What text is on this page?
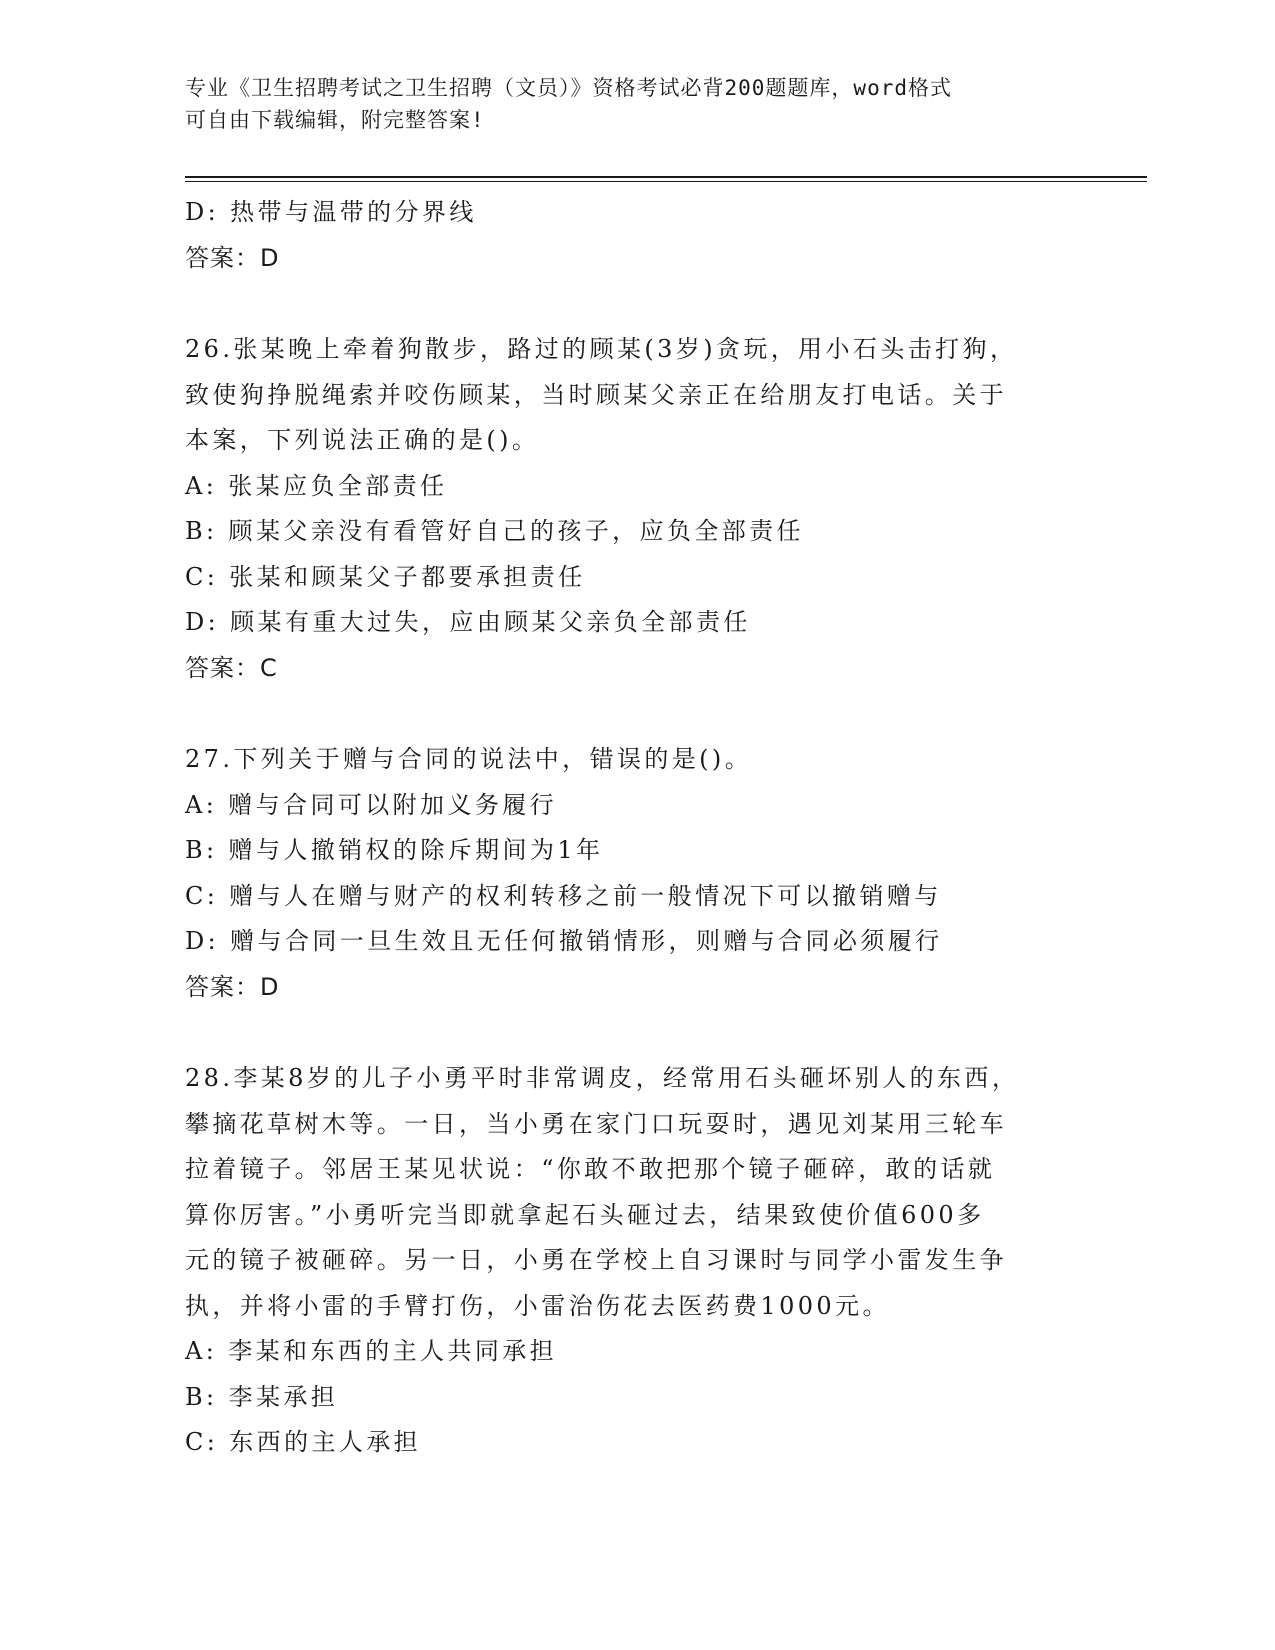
专业《卫生招聘考试之卫生招聘（文员）》资格考试必背200题题库，word格式
可自由下载编辑，附完整答案!
D: 热带与温带的分界线
答案：D
26.张某晚上牵着狗散步，路过的顾某(3岁)贪玩，用小石头击打狗，
致使狗挣脱绳索并咬伤顾某，当时顾某父亲正在给朋友打电话。关于
本案，下列说法正确的是()。
A: 张某应负全部责任
B: 顾某父亲没有看管好自己的孩子，应负全部责任
C: 张某和顾某父子都要承担责任
D: 顾某有重大过失，应由顾某父亲负全部责任
答案：C
27.下列关于赠与合同的说法中，错误的是()。
A: 赠与合同可以附加义务履行
B: 赠与人撤销权的除斥期间为1年
C: 赠与人在赠与财产的权利转移之前一般情况下可以撤销赠与
D: 赠与合同一旦生效且无任何撤销情形，则赠与合同必须履行
答案：D
28.李某8岁的儿子小勇平时非常调皮，经常用石头砸坏别人的东西，
攀摘花草树木等。一日，当小勇在家门口玩耍时，遇见刘某用三轮车
拉着镜子。邻居王某见状说：“你敢不敢把那个镜子砸碎，敢的话就
算你厉害。”小勇听完当即就拿起石头砸过去，结果致使价值600多
元的镜子被砸碎。另一日，小勇在学校上自习课时与同学小雷发生争
执，并将小雷的手臂打伤，小雷治伤花去医药费1000元。
A: 李某和东西的主人共同承担
B: 李某承担
C: 东西的主人承担
